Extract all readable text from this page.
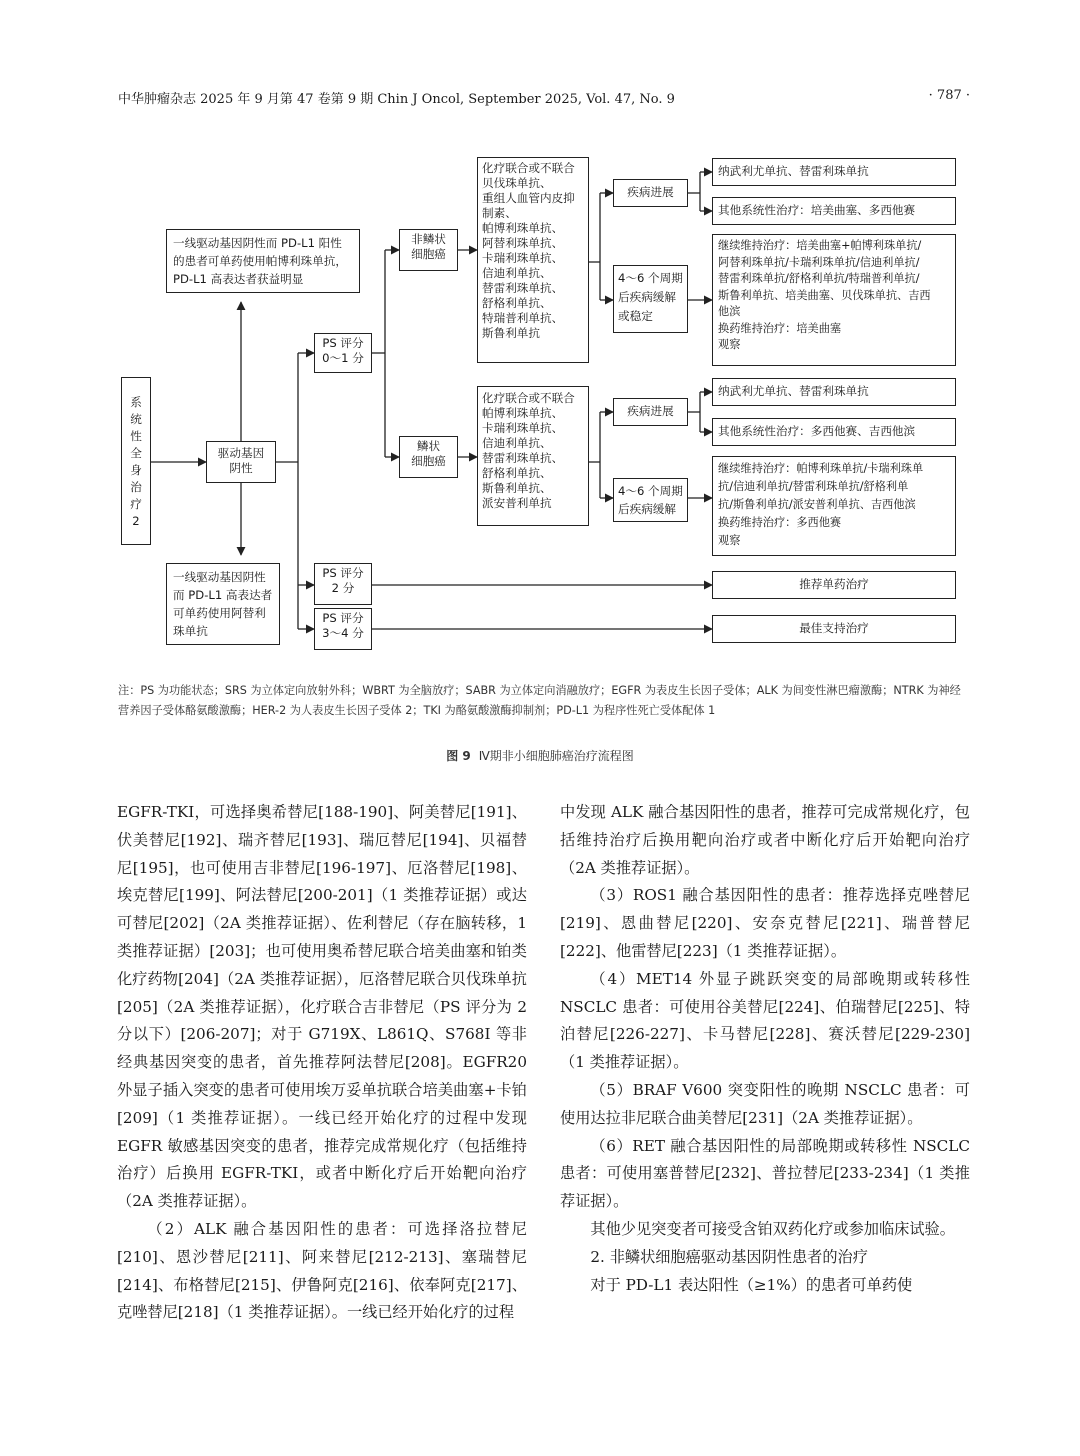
中华肿瘤杂志 2025 年 9 月第 47 卷第 9 期 Chin J Oncol, September 2025, Vol. 47, No. 9	· 787 ·
系
统
性
全
身
治
疗
2
驱动基因阴性
一线驱动基因阴性而 PD-L1 阳性的患者可单药使用帕博利珠单抗，PD-L1 高表达者获益明显
一线驱动基因阴性而 PD-L1 高表达者可单药使用阿替利珠单抗
PS 评分
0～1 分
PS 评分
2 分
PS 评分
3～4 分
非鳞状
细胞癌
鳞状
细胞癌
化疗联合或不联合
贝伐珠单抗、
重组人血管内皮抑
制素、
帕博利珠单抗、
阿替利珠单抗、
卡瑞利珠单抗、
信迪利单抗、
替雷利珠单抗、
舒格利单抗、
特瑞普利单抗、
斯鲁利单抗
化疗联合或不联合
帕博利珠单抗、
卡瑞利珠单抗、
信迪利单抗、
替雷利珠单抗、
舒格利单抗、
斯鲁利单抗、
派安普利单抗
疾病进展
4～6 个周期
后疾病缓解
或稳定
疾病进展
4～6 个周期
后疾病缓解
纳武利尤单抗、替雷利珠单抗
其他系统性治疗：培美曲塞、多西他赛
继续维持治疗：培美曲塞+帕博利珠单抗/
阿替利珠单抗/卡瑞利珠单抗/信迪利单抗/
替雷利珠单抗/舒格利单抗/特瑞普利单抗/
斯鲁利单抗、培美曲塞、贝伐珠单抗、吉西
他滨
换药维持治疗：培美曲塞
观察
纳武利尤单抗、替雷利珠单抗
其他系统性治疗：多西他赛、吉西他滨
继续维持治疗：帕博利珠单抗/卡瑞利珠单
抗/信迪利单抗/替雷利珠单抗/舒格利单
抗/斯鲁利单抗/派安普利单抗、吉西他滨
换药维持治疗：多西他赛
观察
推荐单药治疗
最佳支持治疗
注：PS 为功能状态；SRS 为立体定向放射外科；WBRT 为全脑放疗；SABR 为立体定向消融放疗；EGFR 为表皮生长因子受体；ALK 为间变性淋巴瘤激酶；NTRK 为神经营养因子受体酪氨酸激酶；HER-2 为人表皮生长因子受体 2；TKI 为酪氨酸激酶抑制剂；PD-L1 为程序性死亡受体配体 1
图 9 Ⅳ期非小细胞肺癌治疗流程图

EGFR-TKI，可选择奥希替尼[188-190]、阿美替尼[191]、伏美替尼[192]、瑞齐替尼[193]、瑞厄替尼[194]、贝福替尼[195]，也可使用吉非替尼[196-197]、厄洛替尼[198]、埃克替尼[199]、阿法替尼[200-201]（1 类推荐证据）或达可替尼[202]（2A 类推荐证据）、佐利替尼（存在脑转移，1 类推荐证据）[203]；也可使用奥希替尼联合培美曲塞和铂类化疗药物[204]（2A 类推荐证据），厄洛替尼联合贝伐珠单抗[205]（2A 类推荐证据），化疗联合吉非替尼（PS 评分为 2 分以下）[206-207]；对于 G719X、L861Q、S768I 等非经典基因突变的患者，首先推荐阿法替尼[208]。EGFR20 外显子插入突变的患者可使用埃万妥单抗联合培美曲塞+卡铂[209]（1 类推荐证据）。一线已经开始化疗的过程中发现 EGFR 敏感基因突变的患者，推荐完成常规化疗（包括维持治疗）后换用 EGFR-TKI，或者中断化疗后开始靶向治疗（2A 类推荐证据）。

（2）ALK 融合基因阳性的患者：可选择洛拉替尼[210]、恩沙替尼[211]、阿来替尼[212-213]、塞瑞替尼[214]、布格替尼[215]、伊鲁阿克[216]、依奉阿克[217]、克唑替尼[218]（1 类推荐证据）。一线已经开始化疗的过程

中发现 ALK 融合基因阳性的患者，推荐可完成常规化疗，包括维持治疗后换用靶向治疗或者中断化疗后开始靶向治疗（2A 类推荐证据）。

（3）ROS1 融合基因阳性的患者：推荐选择克唑替尼[219]、恩曲替尼[220]、安奈克替尼[221]、瑞普替尼[222]、他雷替尼[223]（1 类推荐证据）。

（4）MET14 外显子跳跃突变的局部晚期或转移性 NSCLC 患者：可使用谷美替尼[224]、伯瑞替尼[225]、特泊替尼[226-227]、卡马替尼[228]、赛沃替尼[229-230]（1 类推荐证据）。

（5）BRAF V600 突变阳性的晚期 NSCLC 患者：可使用达拉非尼联合曲美替尼[231]（2A 类推荐证据）。

（6）RET 融合基因阳性的局部晚期或转移性 NSCLC 患者：可使用塞普替尼[232]、普拉替尼[233-234]（1 类推荐证据）。

其他少见突变者可接受含铂双药化疗或参加临床试验。

2. 非鳞状细胞癌驱动基因阴性患者的治疗

对于 PD-L1 表达阳性（≥1%）的患者可单药使
